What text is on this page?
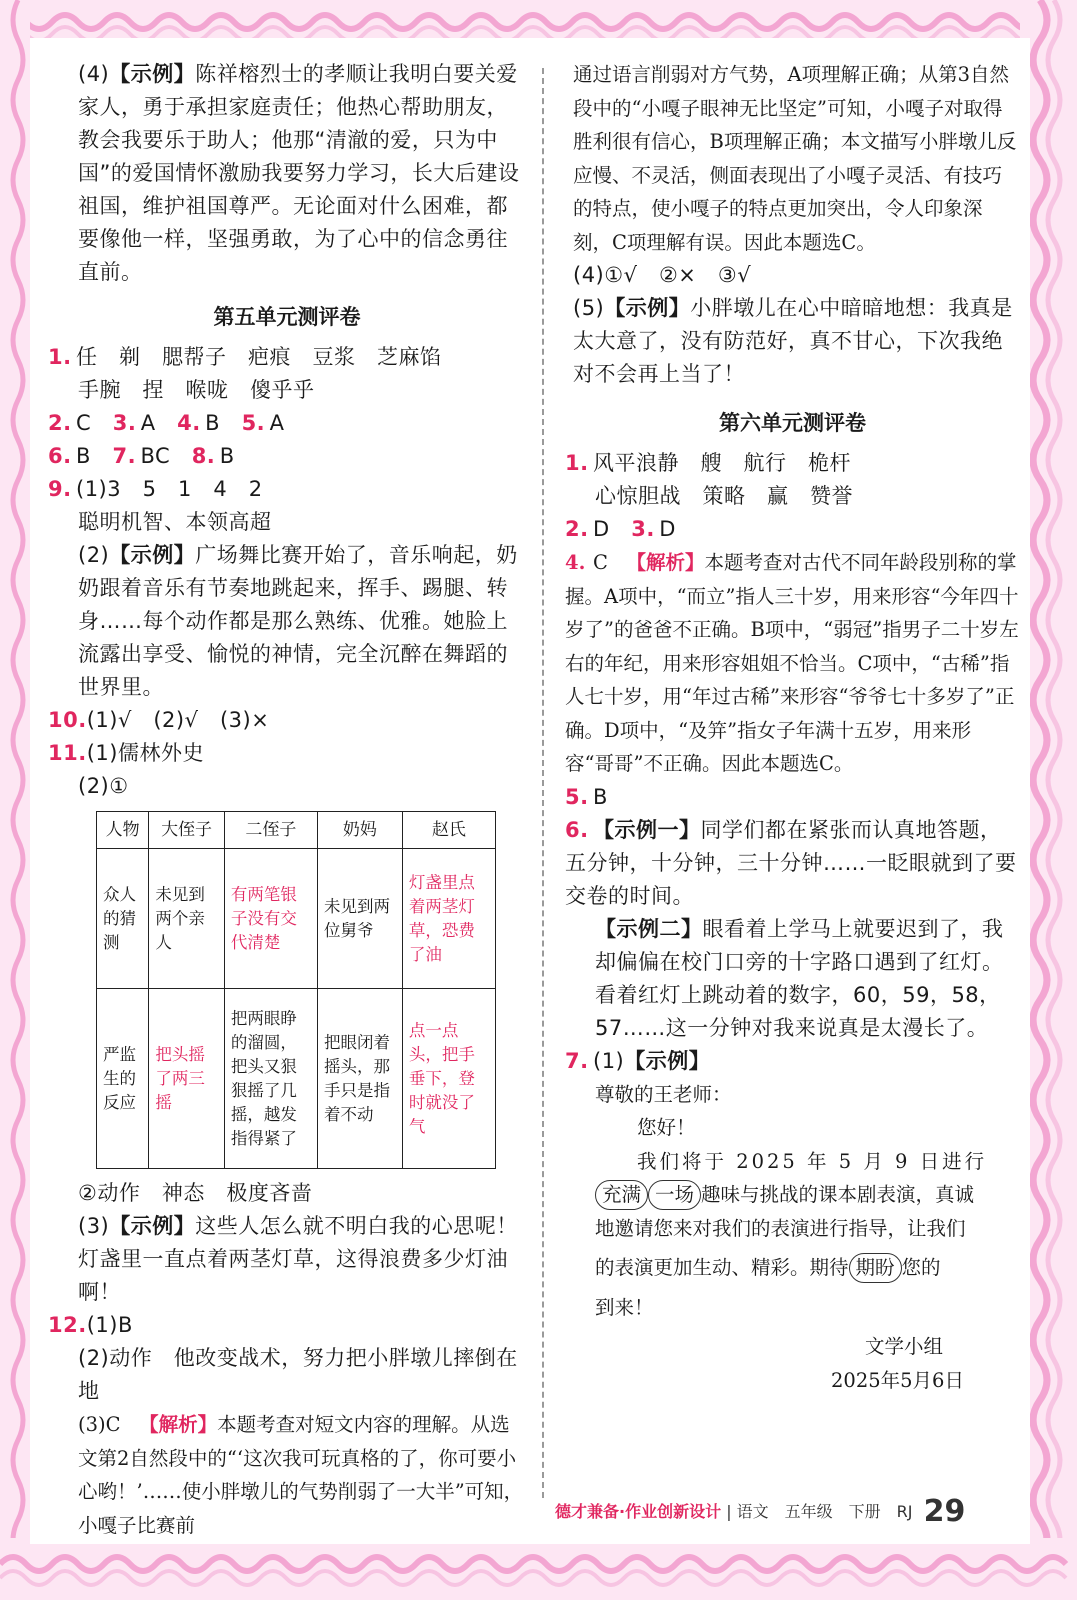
(4)【示例】陈祥榕烈士的孝顺让我明白要关爱家人，勇于承担家庭责任；他热心帮助朋友，教会我要乐于助人；他那“清澈的爱，只为中国”的爱国情怀激励我要努力学习，长大后建设祖国，维护祖国尊严。无论面对什么困难，都要像他一样，坚强勇敢，为了心中的信念勇往直前。

第五单元测评卷

1. 任　剃　腮帮子　疤痕　豆浆　芝麻馅

手腕　捏　喉咙　傻乎乎

2. C 3. A 4. B 5. A

6. B 7. BC 8. B

9. (1)3　5　1　4　2

聪明机智、本领高超

(2)【示例】广场舞比赛开始了，音乐响起，奶奶跟着音乐有节奏地跳起来，挥手、踢腿、转身……每个动作都是那么熟练、优雅。她脸上流露出享受、愉悦的神情，完全沉醉在舞蹈的世界里。

10.(1)√　(2)√　(3)×

11.(1)儒林外史

(2)①

人物	大侄子	二侄子	奶妈	赵氏
众人的猜测	未见到两个亲人	有两笔银子没有交代清楚	未见到两位舅爷	灯盏里点着两茎灯草，恐费了油
严监生的反应	把头摇了两三摇	把两眼睁的溜圆，把头又狠狠摇了几摇，越发指得紧了	把眼闭着摇头，那手只是指着不动	点一点头，把手垂下，登时就没了气

②动作　神态　极度吝啬

(3)【示例】这些人怎么就不明白我的心思呢！灯盏里一直点着两茎灯草，这得浪费多少灯油啊！

12.(1)B

(2)动作　他改变战术，努力把小胖墩儿摔倒在地

(3)C 【解析】本题考查对短文内容的理解。从选文第2自然段中的“‘这次我可玩真格的了，你可要小心哟！’……使小胖墩儿的气势削弱了一大半”可知，小嘎子比赛前

通过语言削弱对方气势，A项理解正确；从第3自然段中的“小嘎子眼神无比坚定”可知，小嘎子对取得胜利很有信心，B项理解正确；本文描写小胖墩儿反应慢、不灵活，侧面表现出了小嘎子灵活、有技巧的特点，使小嘎子的特点更加突出，令人印象深刻，C项理解有误。因此本题选C。

(4)①√　②×　③√

(5)【示例】小胖墩儿在心中暗暗地想：我真是太大意了，没有防范好，真不甘心，下次我绝对不会再上当了！

第六单元测评卷

1. 风平浪静　艘　航行　桅杆

心惊胆战　策略　赢　赞誉

2. D 3. D

4. C 【解析】本题考查对古代不同年龄段别称的掌握。A项中，“而立”指人三十岁，用来形容“今年四十岁了”的爸爸不正确。B项中，“弱冠”指男子二十岁左右的年纪，用来形容姐姐不恰当。C项中，“古稀”指人七十岁，用“年过古稀”来形容“爷爷七十多岁了”正确。D项中，“及笄”指女子年满十五岁，用来形容“哥哥”不正确。因此本题选C。

5. B

6. 【示例一】同学们都在紧张而认真地答题，五分钟，十分钟，三十分钟……一眨眼就到了要交卷的时间。

【示例二】眼看着上学马上就要迟到了，我却偏偏在校门口旁的十字路口遇到了红灯。看着红灯上跳动着的数字，60，59，58，57……这一分钟对我来说真是太漫长了。

7. (1)【示例】

尊敬的王老师：

您好！

我们将于 2025 年 5 月 9 日进行

充满 一场 趣味与挑战的课本剧表演，真诚

地邀请您来对我们的表演进行指导，让我们

的表演更加生动、精彩。期待 期盼 您的

到来！

文学小组

2025年5月6日

德才兼备·作业创新设计 | 语文　五年级　下册　RJ 29
